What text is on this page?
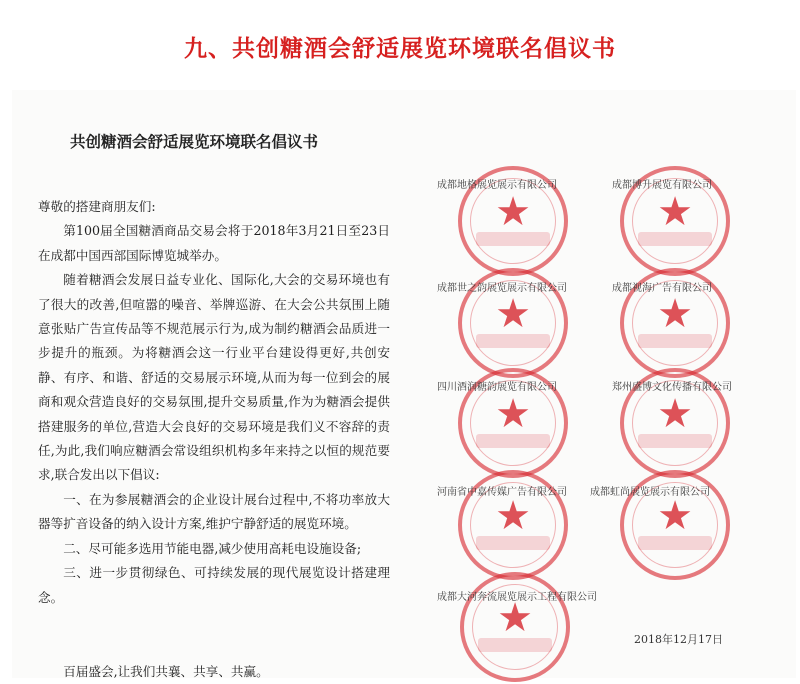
九、共创糖酒会舒适展览环境联名倡议书
共创糖酒会舒适展览环境联名倡议书

尊敬的搭建商朋友们:

第100届全国糖酒商品交易会将于2018年3月21日至23日在成都中国西部国际博览城举办。

随着糖酒会发展日益专业化、国际化,大会的交易环境也有了很大的改善,但喧嚣的噪音、举牌巡游、在大会公共氛围上随意张贴广告宣传品等不规范展示行为,成为制约糖酒会品质进一步提升的瓶颈。为将糖酒会这一行业平台建设得更好,共创安静、有序、和谐、舒适的交易展示环境,从而为每一位到会的展商和观众营造良好的交易氛围,提升交易质量,作为为糖酒会提供搭建服务的单位,营造大会良好的交易环境是我们义不容辞的责任,为此,我们响应糖酒会常设组织机构多年来持之以恒的规范要求,联合发出以下倡议:

一、在为参展糖酒会的企业设计展台过程中,不将功率放大器等扩音设备的纳入设计方案,维护宁静舒适的展览环境。

二、尽可能多选用节能电器,减少使用高耗电设施设备;

三、进一步贯彻绿色、可持续发展的现代展览设计搭建理念。

百届盛会,让我们共襄、共享、共赢。

★	★
★	★
★	★
★	★
★
成都地格展览展示有限公司	成都博升展览有限公司
成都世之韵展览展示有限公司	成都视海广告有限公司
四川酒润糖韵展览有限公司	郑州盛博文化传播有限公司
河南省中嘉传媒广告有限公司 成都虹尚展览展示有限公司
成都大河奔流展览展示工程有限公司
2018年12月17日
